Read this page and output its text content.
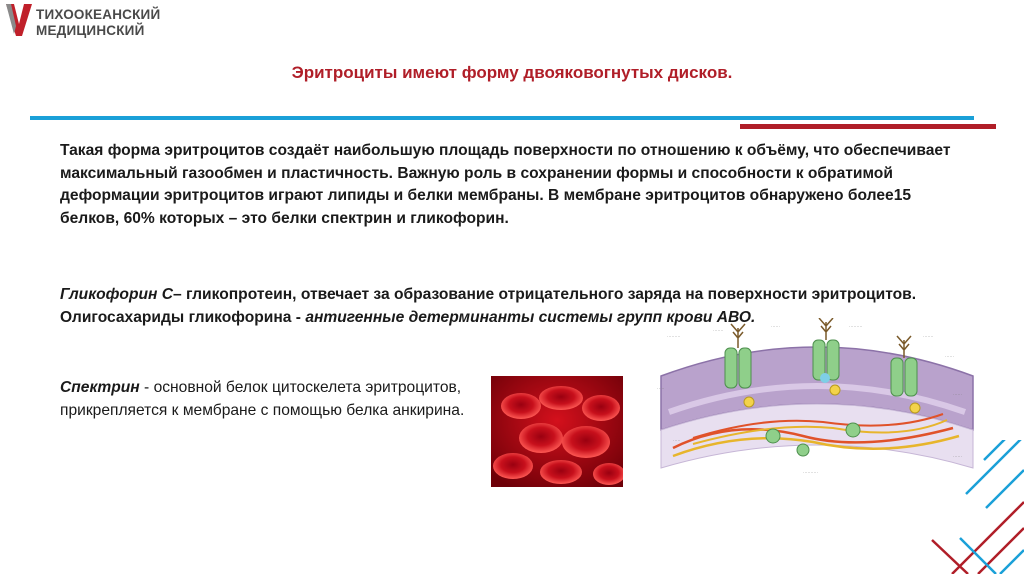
ТИХООКЕАНСКИЙ
МЕДИЦИНСКИЙ
Эритроциты имеют форму двояковогнутых дисков.
Такая форма эритроцитов создаёт наибольшую площадь поверхности по отношению к объёму, что обеспечивает максимальный газообмен и пластичность. Важную роль в сохранении формы и способности к обратимой деформации эритроцитов играют липиды и белки мембраны. В мембране эритроцитов обнаружено более15 белков, 60% которых – это белки спектрин и гликофорин.
Гликофорин С– гликопротеин, отвечает за образование отрицательного заряда на поверхности эритроцитов. Олигосахариды гликофорина - антигенные детерминанты системы групп крови АВО.
Спектрин - основной белок цитоскелета эритроцитов, прикрепляется к мембране с помощью белка анкирина.
·········
·······
······	·········
·······
······
·····
······
·····
······
··········
